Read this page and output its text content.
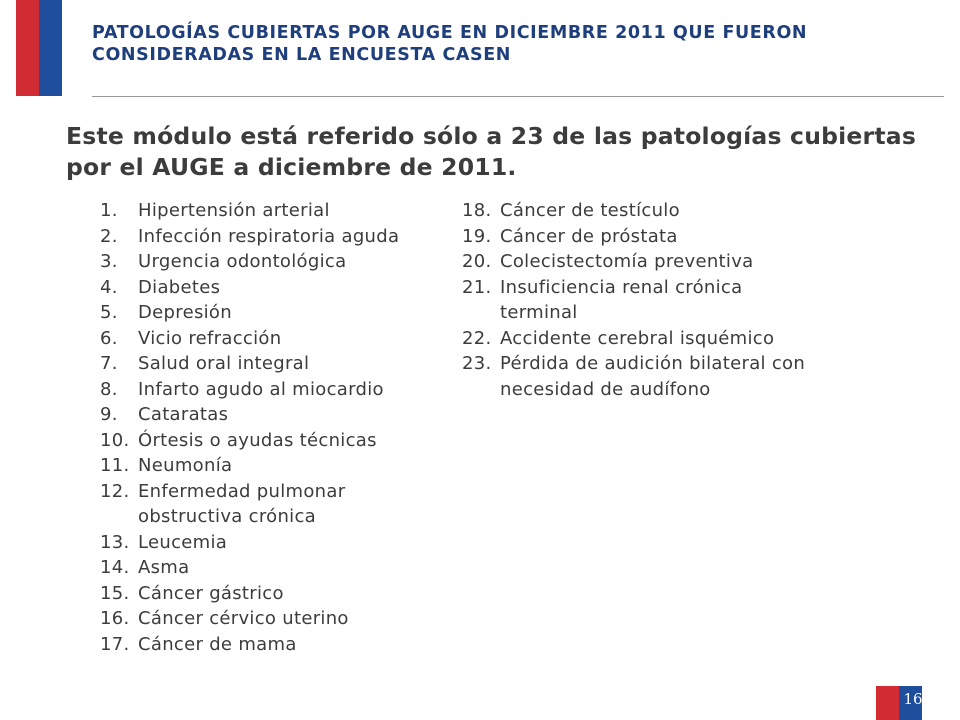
PATOLOGÍAS CUBIERTAS POR AUGE EN DICIEMBRE 2011 QUE FUERON CONSIDERADAS EN LA ENCUESTA CASEN
Este módulo está referido sólo a 23 de las patologías cubiertas por el AUGE a diciembre de 2011.
1. Hipertensión arterial
2. Infección respiratoria aguda
3. Urgencia odontológica
4. Diabetes
5. Depresión
6. Vicio refracción
7. Salud oral integral
8. Infarto agudo al miocardio
9. Cataratas
10. Órtesis o ayudas técnicas
11. Neumonía
12. Enfermedad pulmonar obstructiva crónica
13. Leucemia
14. Asma
15. Cáncer gástrico
16. Cáncer cérvico uterino
17. Cáncer de mama
18. Cáncer de testículo
19. Cáncer de próstata
20. Colecistectomía preventiva
21. Insuficiencia renal crónica terminal
22. Accidente cerebral isquémico
23. Pérdida de audición bilateral con necesidad de audífono
16
